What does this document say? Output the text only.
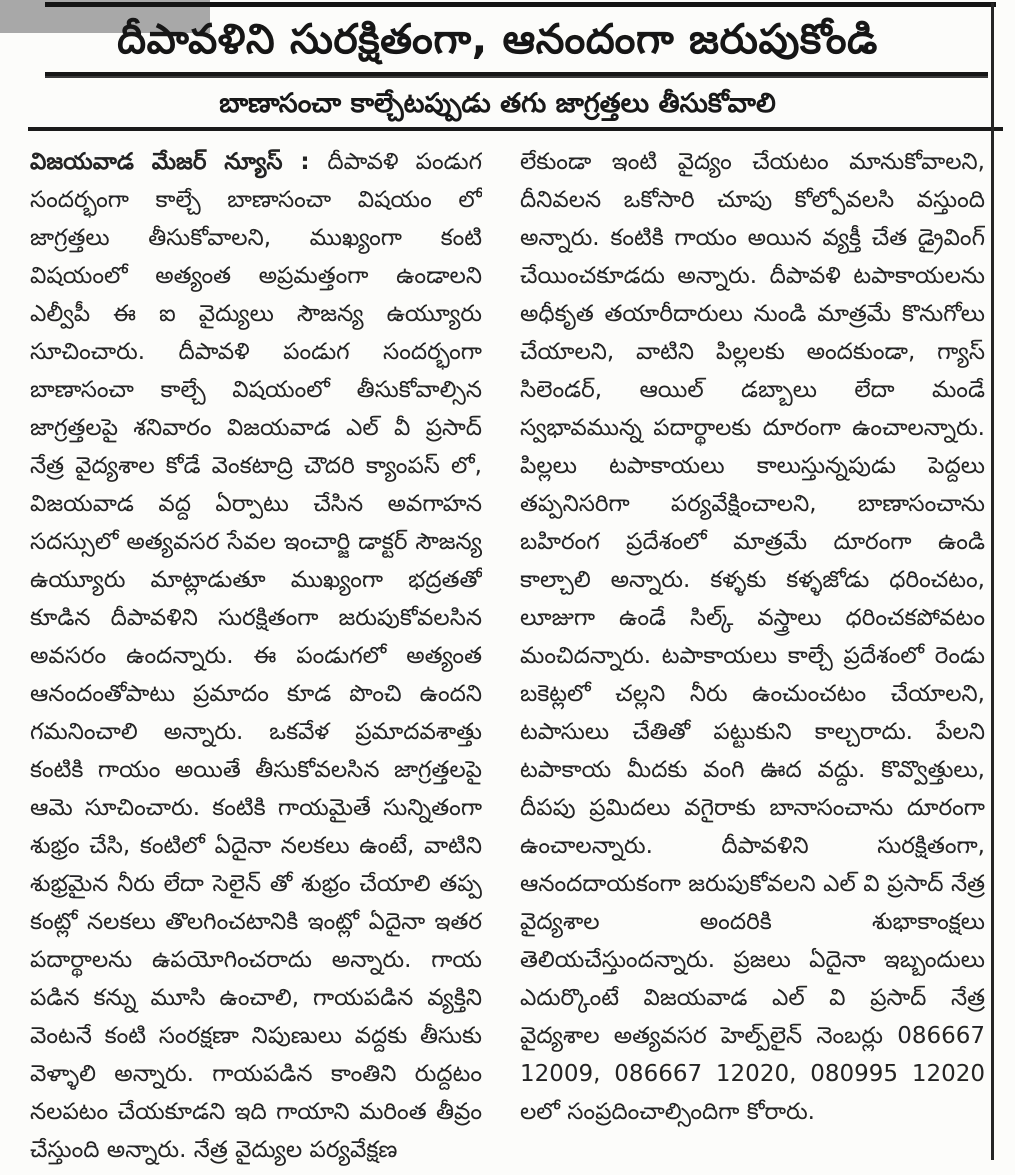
దీపావళిని సురక్షితంగా, ఆనందంగా జరుపుకోండి
బాణాసంచా కాల్చేటప్పుడు తగు జాగ్రత్తలు తీసుకోవాలి

విజయవాడ మేజర్ న్యూస్ : దీపావళి పండుగ సందర్భంగా కాల్చే బాణాసంచా విషయం లో జాగ్రత్తలు తీసుకోవాలని, ముఖ్యంగా కంటి విషయంలో అత్యంత అప్రమత్తంగా ఉండాలని ఎల్వీపీ ఈ ఐ వైద్యులు సౌజన్య ఉయ్యూరు సూచించారు. దీపావళి పండుగ సందర్భంగా బాణాసంచా కాల్చే విషయంలో తీసుకోవాల్సిన జాగ్రత్తలపై శనివారం విజయవాడ ఎల్ వీ ప్రసాద్ నేత్ర వైద్యశాల కోడే వెంకటాద్రి చౌదరి క్యాంపస్ లో, విజయవాడ వద్ద ఏర్పాటు చేసిన అవగాహన సదస్సులో అత్యవసర సేవల ఇంచార్జి డాక్టర్ సౌజన్య ఉయ్యూరు మాట్లాడుతూ ముఖ్యంగా భద్రతతో కూడిన దీపావళిని సురక్షితంగా జరుపుకోవలసిన అవసరం ఉందన్నారు. ఈ పండుగలో అత్యంత ఆనందంతోపాటు ప్రమాదం కూడ పొంచి ఉందని గమనించాలి అన్నారు. ఒకవేళ ప్రమాదవశాత్తు కంటికి గాయం అయితే తీసుకోవలసిన జాగ్రత్తలపై ఆమె సూచించారు. కంటికి గాయమైతే సున్నితంగా శుభ్రం చేసి, కంటిలో ఏదైనా నలకలు ఉంటే, వాటిని శుభ్రమైన నీరు లేదా సెలైన్ తో శుభ్రం చేయాలి తప్ప కంట్లో నలకలు తొలగించటానికి ఇంట్లో ఏదైనా ఇతర పదార్థాలను ఉపయోగించరాదు అన్నారు. గాయ పడిన కన్ను మూసి ఉంచాలి, గాయపడిన వ్యక్తిని వెంటనే కంటి సంరక్షణా నిపుణులు వద్దకు తీసుకు వెళ్ళాలి అన్నారు. గాయపడిన కాంతిని రుద్దటం నలపటం చేయకూడని ఇది గాయాని మరింత తీవ్రం చేస్తుంది అన్నారు. నేత్ర వైద్యుల పర్యవేక్షణ

లేకుండా ఇంటి వైద్యం చేయటం మానుకోవాలని, దీనివలన ఒకోసారి చూపు కోల్పోవలసి వస్తుంది అన్నారు. కంటికి గాయం అయిన వ్యక్తీ చేత డ్రైవింగ్ చేయించకూడదు అన్నారు. దీపావళి టపాకాయలను అధీకృత తయారీదారులు నుండి మాత్రమే కొనుగోలు చేయాలని, వాటిని పిల్లలకు అందకుండా, గ్యాస్ సిలెండర్, ఆయిల్ డబ్బాలు లేదా మండే స్వభావమున్న పదార్థాలకు దూరంగా ఉంచాలన్నారు. పిల్లలు టపాకాయలు కాలుస్తున్నపుడు పెద్దలు తప్పనిసరిగా పర్యవేక్షించాలని, బాణాసంచాను బహిరంగ ప్రదేశంలో మాత్రమే దూరంగా ఉండి కాల్చాలి అన్నారు. కళ్ళకు కళ్ళజోడు ధరించటం, లూజుగా ఉండే సిల్క్ వస్త్రాలు ధరించకపోవటం మంచిదన్నారు. టపాకాయలు కాల్చే ప్రదేశంలో రెండు బకెట్లలో చల్లని నీరు ఉంచుంచటం చేయాలని, టపాసులు చేతితో పట్టుకుని కాల్చరాదు. పేలని టపాకాయ మీదకు వంగి ఊద వద్దు. కొవ్వొత్తులు, దీపపు ప్రమిదలు వగైరాకు బానాసంచాను దూరంగా ఉంచాలన్నారు. దీపావళిని సురక్షితంగా, ఆనందదాయకంగా జరుపుకోవలని ఎల్ వి ప్రసాద్ నేత్ర వైద్యశాల అందరికి శుభాకాంక్షలు తెలియచేస్తుందన్నారు. ప్రజలు ఏదైనా ఇబ్బందులు ఎదుర్కొంటే విజయవాడ ఎల్ వి ప్రసాద్ నేత్ర వైద్యశాల అత్యవసర హెల్ప్‌లైన్ నెంబర్లు 086667 12009, 086667 12020, 080995 12020 లలో సంప్రదించాల్సిందిగా కోరారు.
